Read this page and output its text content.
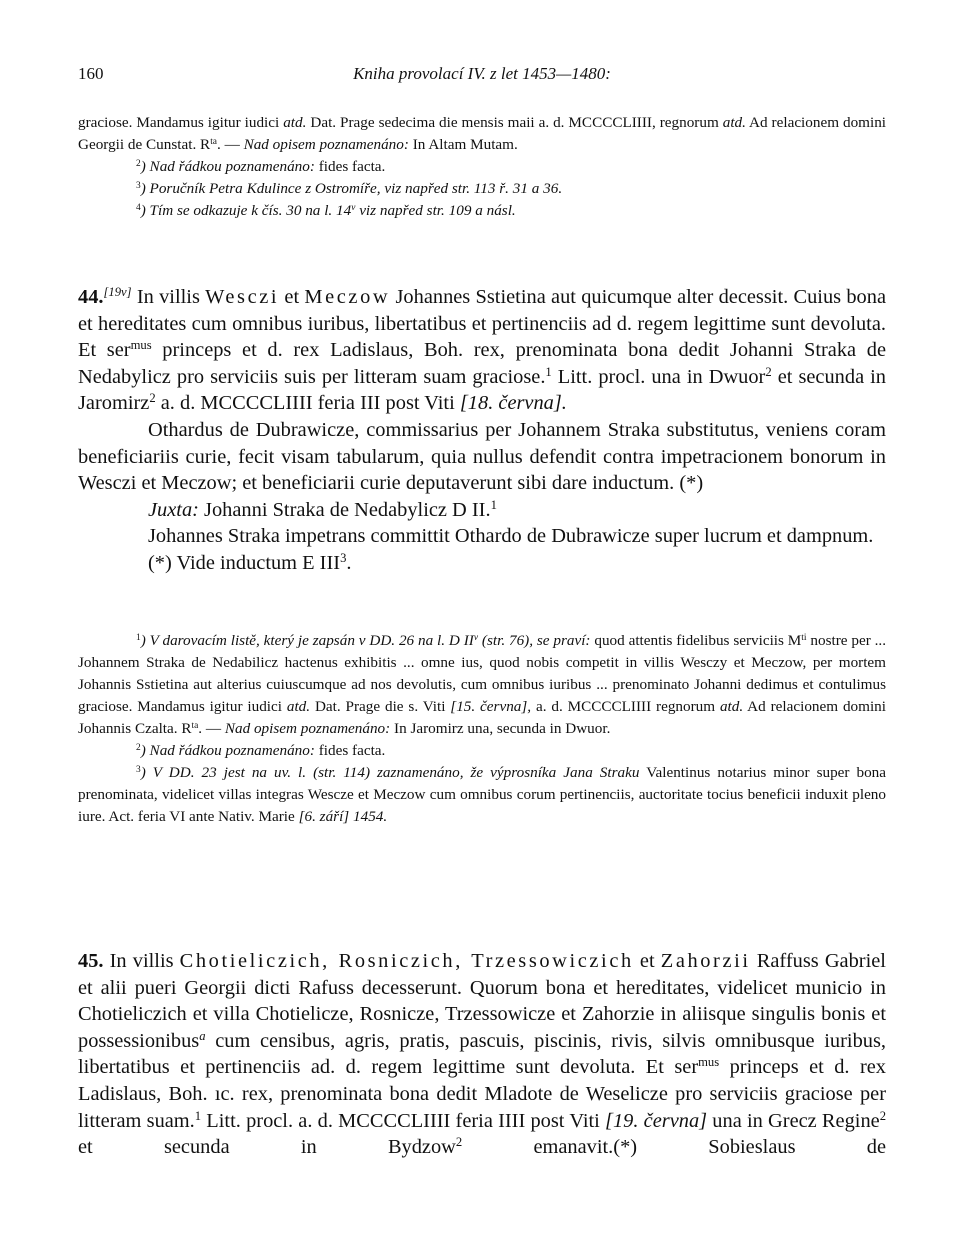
160	Kniha provolací IV. z let 1453—1480:

graciose. Mandamus igitur iudici atd. Dat. Prage sedecima die mensis maii a. d. MCCCCLIIII, regnorum atd. Ad relacionem domini Georgii de Cunstat. $R^{ta}$. — Nad opisem poznamenáno: In Altam Mutam.

$^2$) Nad řádkou poznamenáno: fides facta.

$^3$) Poručník Petra Kdulince z Ostromíře, viz napřed str. 113 ř. 31 a 36.

$^4$) Tím se odkazuje k čís. 30 na l. 14$^v$ viz napřed str. 109 a násl.

44.[19v] In villis Wesczi et Meczow Johannes Sstietina aut quicumque alter decessit. Cuius bona et hereditates cum omnibus iuribus, libertatibus et pertinenciis ad d. regem legittime sunt devoluta. Et ser$^{mus}$ princeps et d. rex Ladislaus, Boh. rex, prenominata bona dedit Johanni Straka de Nedabylicz pro serviciis suis per litteram suam graciose.$^1$ Litt. procl. una in Dwuor$^2$ et secunda in Jaromirz$^2$ a. d. MCCCCLIIII feria III post Viti [18. června].

Othardus de Dubrawicze, commissarius per Johannem Straka substitutus, veniens coram beneficiariis curie, fecit visam tabularum, quia nullus defendit contra impetracionem bonorum in Wesczi et Meczow; et beneficiarii curie deputaverunt sibi dare inductum. (*)

Juxta: Johanni Straka de Nedabylicz D II.$^1$

Johannes Straka impetrans committit Othardo de Dubrawicze super lucrum et dampnum.

(*) Vide inductum E III$^3$.

$^1$) V darovacím listě, který je zapsán v DD. 26 na l. D $II^v$ (str. 76), se praví: quod attentis fidelibus serviciis $M^{ti}$ nostre per ... Johannem Straka de Nedabilicz hactenus exhibitis ... omne ius, quod nobis competit in villis Wesczy et Meczow, per mortem Johannis Sstietina aut alterius cuiuscumque ad nos devolutis, cum omnibus iuribus ... prenominato Johanni dedimus et contulimus graciose. Mandamus igitur iudici atd. Dat. Prage die s. Viti [15. června], a. d. MCCCCLIIII regnorum atd. Ad relacionem domini Johannis Czalta. $R^{ta}$. — Nad opisem poznamenáno: In Jaromirz una, secunda in Dwuor.

$^2$) Nad řádkou poznamenáno: fides facta.

$^3$) V DD. 23 jest na uv. l. (str. 114) zaznamenáno, že výprosníka Jana Straku Valentinus notarius minor super bona prenominata, videlicet villas integras Wescze et Meczow cum omnibus corum pertinenciis, auctoritate tocius beneficii induxit pleno iure. Act. feria VI ante Nativ. Marie [6. září] 1454.

45. In villis Chotieliczich, Rosniczich, Trzessowiczich et Zahorzii Raffuss Gabriel et alii pueri Georgii dicti Rafuss decesserunt. Quorum bona et hereditates, videlicet municio in Chotieliczich et villa Chotielicze, Rosnicze, Trzessowicze et Zahorzie in aliisque singulis bonis et possessionibus$^a$ cum censibus, agris, pratis, pascuis, piscinis, rivis, silvis omnibusque iuribus, libertatibus et pertinenciis ad. d. regem legittime sunt devoluta. Et ser$^{mus}$ princeps et d. rex Ladislaus, Boh. ıc. rex, prenominata bona dedit Mladote de Weselicze pro serviciis graciose per litteram suam.$^1$ Litt. procl. a. d. MCCCCLIIII feria IIII post Viti [19. června] una in Grecz Regine$^2$ et secunda in Bydzow$^2$ emanavit.(*) Sobieslaus de
